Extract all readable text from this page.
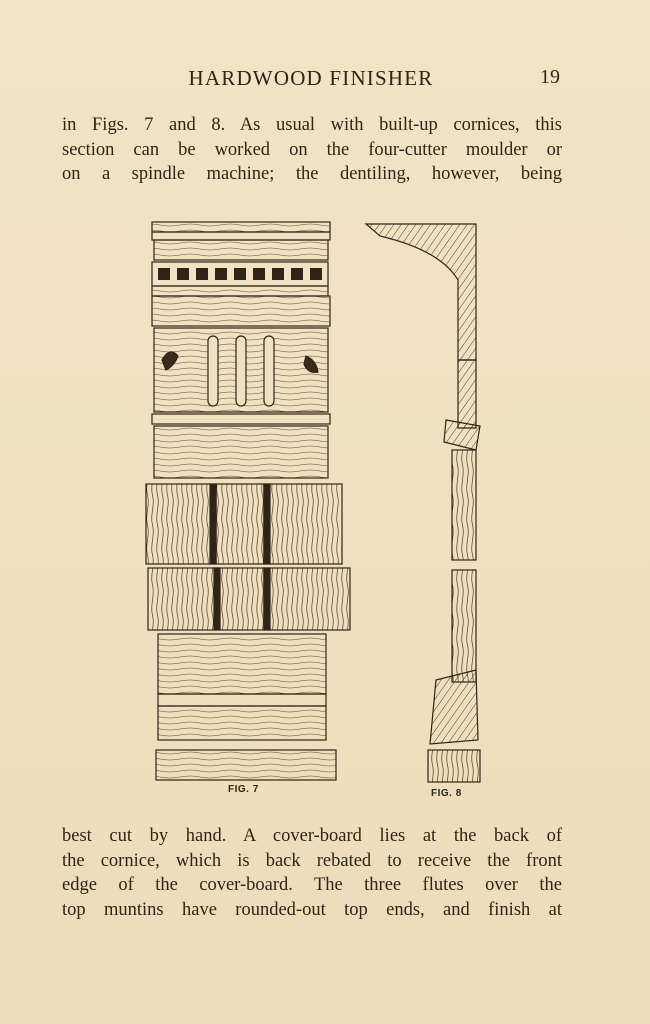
HARDWOOD FINISHER	19

in Figs. 7 and 8. As usual with built-up cornices, this
section can be worked on the four-cutter moulder or
on a spindle machine; the dentiling, however, being

FIG. 7	FIG. 8

best cut by hand. A cover-board lies at the back of
the cornice, which is back rebated to receive the front
edge of the cover-board. The three flutes over the
top muntins have rounded-out top ends, and finish at
